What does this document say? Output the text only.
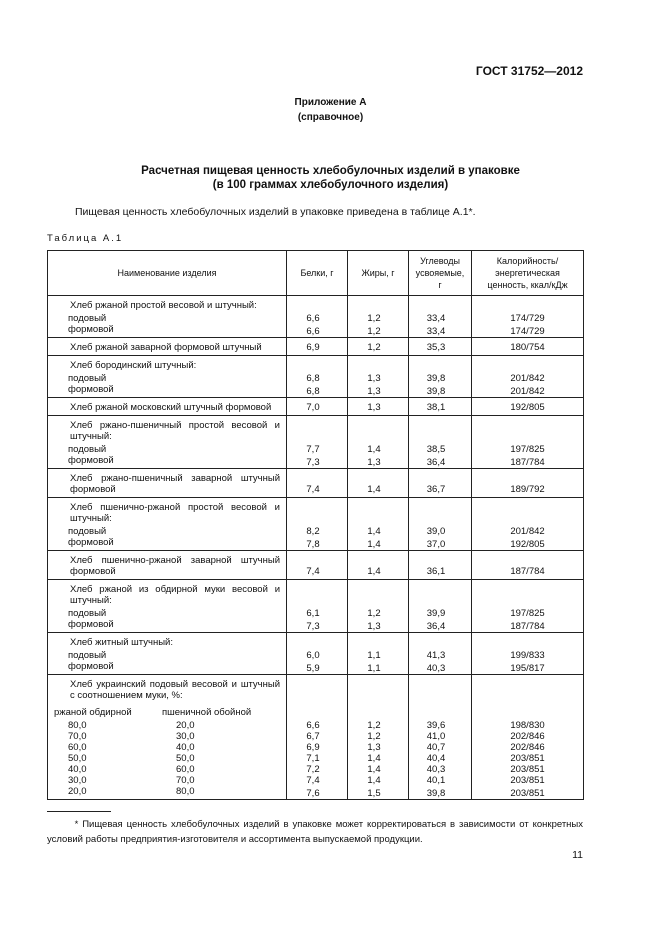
ГОСТ 31752—2012
Приложение А
(справочное)
Расчетная пищевая ценность хлебобулочных изделий в упаковке
(в 100 граммах хлебобулочного изделия)
Пищевая ценность хлебобулочных изделий в упаковке приведена в таблице А.1*.
Таблица А.1
Наименование изделия	Белки, г	Жиры, г	Углеводы усвояемые, г	Калорийность/ энергетическая ценность, ккал/кДж

Хлеб ржаной простой весовой и штучный:				

подовый	6,6	1,2	33,4	174/729

формовой	6,6	1,2	33,4	174/729

Хлеб ржаной заварной формовой штучный	6,9	1,2	35,3	180/754

Хлеб бородинский штучный:				

подовый	6,8	1,3	39,8	201/842

формовой	6,8	1,3	39,8	201/842

Хлеб ржаной московский штучный формовой	7,0	1,3	38,1	192/805

Хлеб ржано-пшеничный простой весовой и штучный:				

подовый	7,7	1,4	38,5	197/825

формовой	7,3	1,3	36,4	187/784

Хлеб ржано-пшеничный заварной штучный формовой	7,4	1,4	36,7	189/792

Хлеб пшенично-ржаной простой весовой и штучный:				

подовый	8,2	1,4	39,0	201/842

формовой	7,8	1,4	37,0	192/805

Хлеб пшенично-ржаной заварной штучный формовой	7,4	1,4	36,1	187/784

Хлеб ржаной из обдирной муки весовой и штучный:				

подовый	6,1	1,2	39,9	197/825

формовой	7,3	1,3	36,4	187/784

Хлеб житный штучный:				

подовый	6,0	1,1	41,3	199/833

формовой	5,9	1,1	40,3	195/817

Хлеб украинский подовый весовой и штучный с соотношением муки, %:
ржаной обдирной пшеничной обойной				

80,0 20,0	6,6	1,2	39,6	198/830

70,0 30,0	6,7	1,2	41,0	202/846

60,0 40,0	6,9	1,3	40,7	202/846

50,0 50,0	7,1	1,4	40,4	203/851

40,0 60,0	7,2	1,4	40,3	203/851

30,0 70,0	7,4	1,4	40,1	203/851

20,0 80,0	7,6	1,5	39,8	203/851
* Пищевая ценность хлебобулочных изделий в упаковке может корректироваться в зависимости от конкретных условий работы предприятия-изготовителя и ассортимента выпускаемой продукции.
11
